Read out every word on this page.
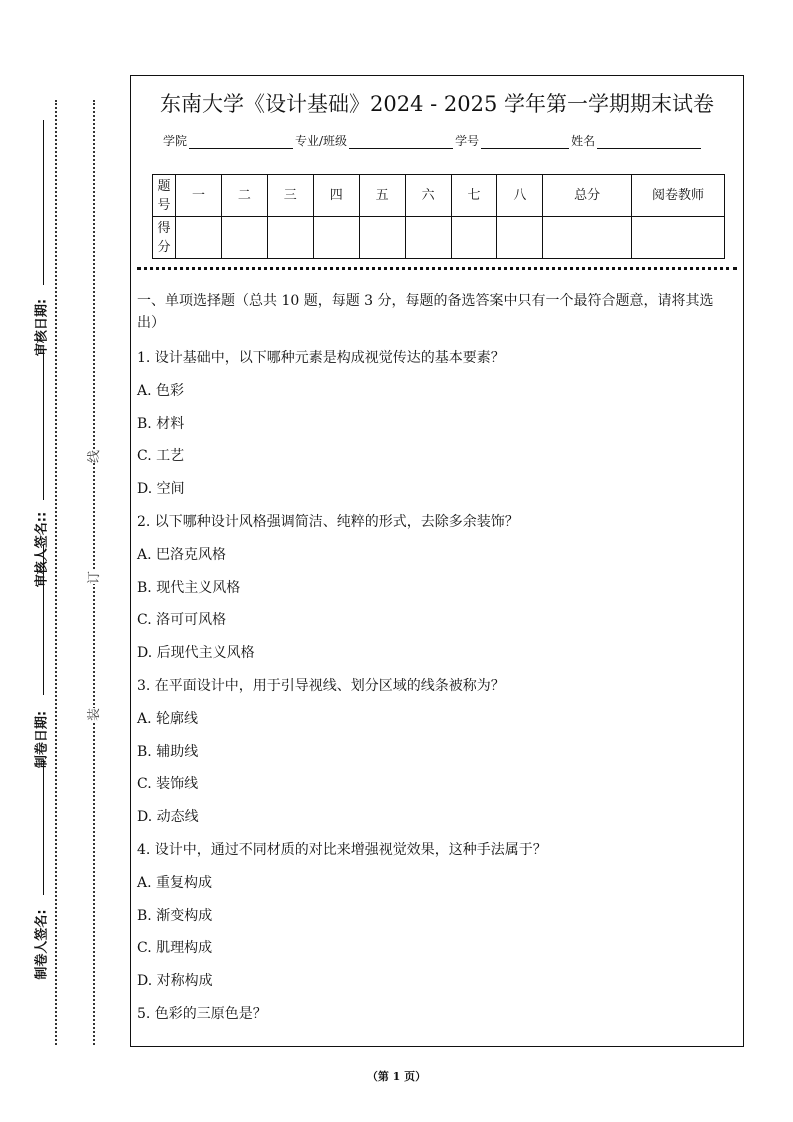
制卷人签名:
制卷日期:
审核人签名::
审核日期:
装
订
线
东南大学《设计基础》2024 - 2025 学年第一学期期末试卷
学院	专业/班级	学号	姓名
题号	一	二	三	四	五	六	七	八	总分	阅卷教师
得分										
一、单项选择题（总共 10 题，每题 3 分，每题的备选答案中只有一个最符合题意，请将其选出）
1. 设计基础中，以下哪种元素是构成视觉传达的基本要素？
A. 色彩
B. 材料
C. 工艺
D. 空间
2. 以下哪种设计风格强调简洁、纯粹的形式，去除多余装饰？
A. 巴洛克风格
B. 现代主义风格
C. 洛可可风格
D. 后现代主义风格
3. 在平面设计中，用于引导视线、划分区域的线条被称为？
A. 轮廓线
B. 辅助线
C. 装饰线
D. 动态线
4. 设计中，通过不同材质的对比来增强视觉效果，这种手法属于？
A. 重复构成
B. 渐变构成
C. 肌理构成
D. 对称构成
5. 色彩的三原色是？
（第 1 页）
